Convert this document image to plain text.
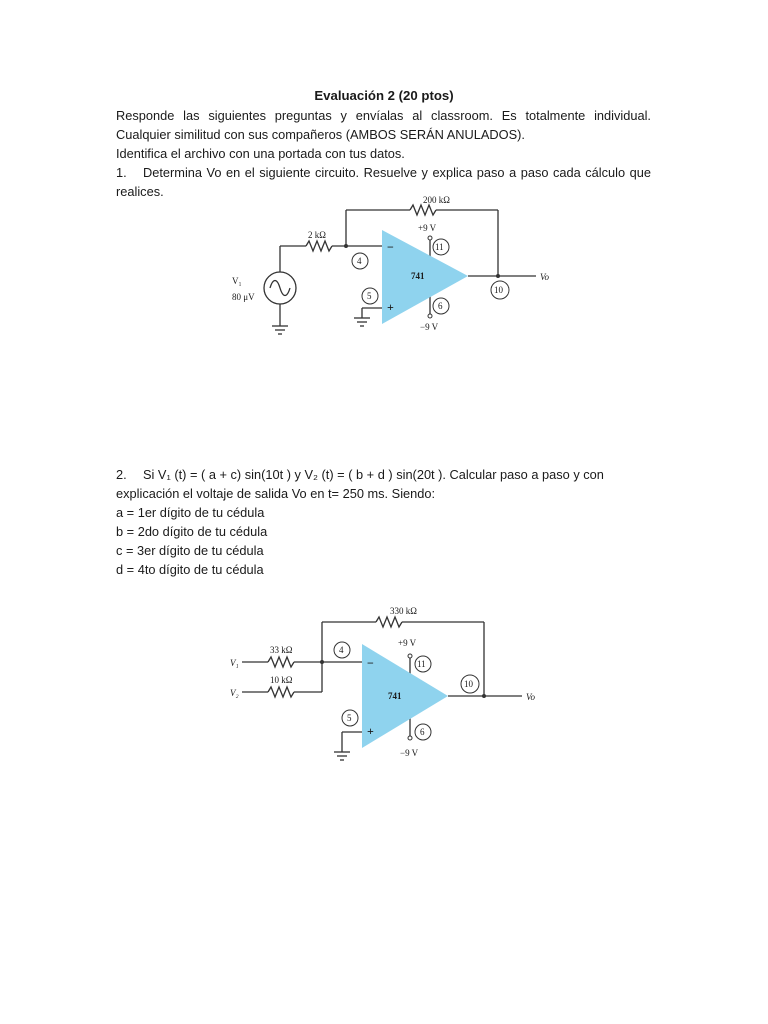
Evaluación 2 (20 ptos)
Responde las siguientes preguntas y envíalas al classroom. Es totalmente individual. Cualquier similitud con sus compañeros (AMBOS SERÁN ANULADOS).
Identifica el archivo con una portada con tus datos.
1. Determina Vo en el siguiente circuito. Resuelve y explica paso a paso cada cálculo que realices.
200 kΩ
2 kΩ
+9 V
−9 V
741
V₁
80 μV
Vo
−
+
4
5
6
10
11
2. Si V₁ (t) = ( a + c) sin(10t ) y V₂ (t) = ( b + d ) sin(20t ). Calcular paso a paso y con
explicación el voltaje de salida Vo en t= 250 ms. Siendo:
a = 1er dígito de tu cédula
b = 2do dígito de tu cédula
c = 3er dígito de tu cédula
d = 4to dígito de tu cédula
330 kΩ
33 kΩ
10 kΩ
+9 V
−9 V
741
V₁
V₂	Vo
−
+
4
5
6
10
11
